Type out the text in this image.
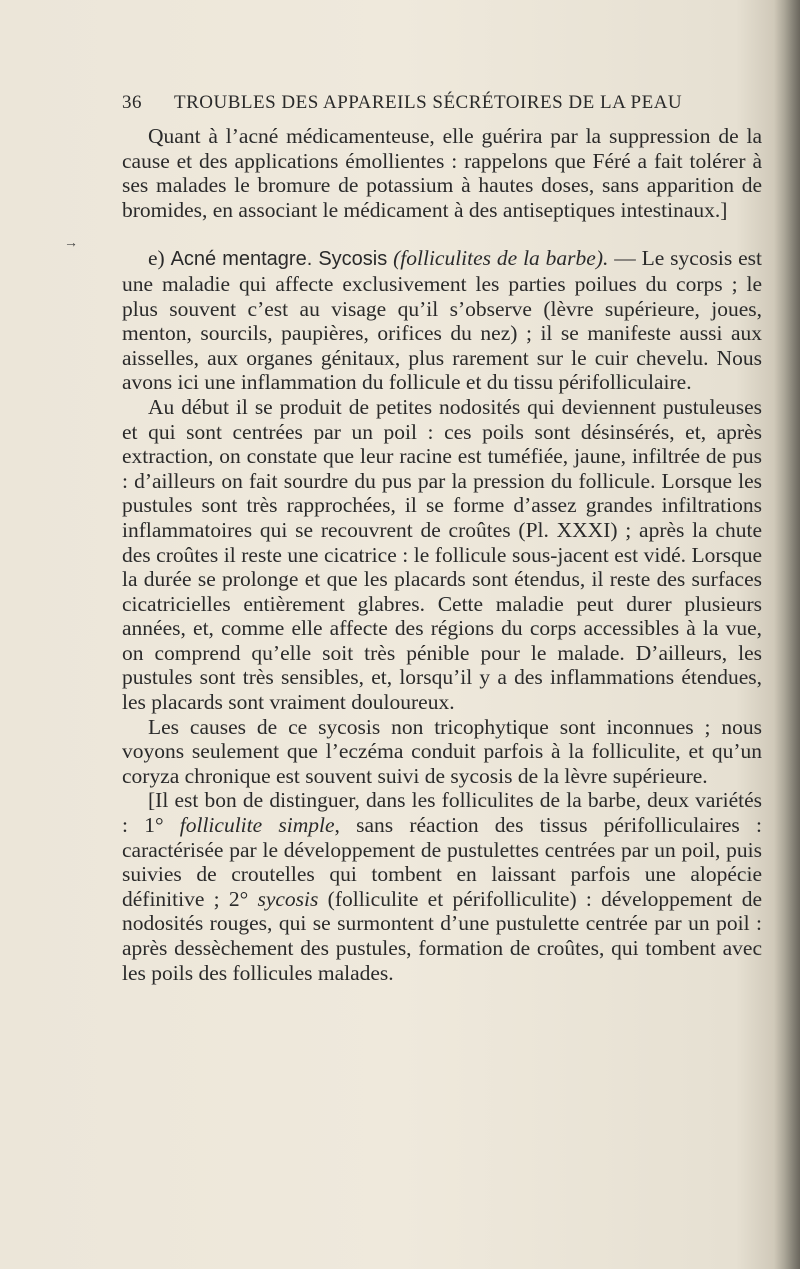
36	TROUBLES DES APPAREILS SÉCRÉTOIRES DE LA PEAU
→

Quant à l’acné médicamenteuse, elle guérira par la suppression de la cause et des applications émollientes : rappelons que Féré a fait tolérer à ses malades le bromure de potassium à hautes doses, sans apparition de bromides, en associant le médicament à des antiseptiques intestinaux.]

e) Acné mentagre. Sycosis (folliculites de la barbe). — Le sycosis est une maladie qui affecte exclusivement les parties poilues du corps ; le plus souvent c’est au visage qu’il s’observe (lèvre supérieure, joues, menton, sourcils, paupières, orifices du nez) ; il se manifeste aussi aux aisselles, aux organes génitaux, plus rarement sur le cuir chevelu. Nous avons ici une inflammation du follicule et du tissu périfolliculaire.

Au début il se produit de petites nodosités qui deviennent pustuleuses et qui sont centrées par un poil : ces poils sont désinsérés, et, après extraction, on constate que leur racine est tuméfiée, jaune, infiltrée de pus : d’ailleurs on fait sourdre du pus par la pression du follicule. Lorsque les pustules sont très rapprochées, il se forme d’assez grandes infiltrations inflammatoires qui se recouvrent de croûtes (Pl. XXXI) ; après la chute des croûtes il reste une cicatrice : le follicule sous-jacent est vidé. Lorsque la durée se prolonge et que les placards sont étendus, il reste des surfaces cicatricielles entièrement glabres. Cette maladie peut durer plusieurs années, et, comme elle affecte des régions du corps accessibles à la vue, on comprend qu’elle soit très pénible pour le malade. D’ailleurs, les pustules sont très sensibles, et, lorsqu’il y a des inflammations étendues, les placards sont vraiment douloureux.

Les causes de ce sycosis non tricophytique sont inconnues ; nous voyons seulement que l’eczéma conduit parfois à la folliculite, et qu’un coryza chronique est souvent suivi de sycosis de la lèvre supérieure.

[Il est bon de distinguer, dans les folliculites de la barbe, deux variétés : 1° folliculite simple, sans réaction des tissus périfolliculaires : caractérisée par le développement de pustulettes centrées par un poil, puis suivies de croutelles qui tombent en laissant parfois une alopécie définitive ; 2° sycosis (folliculite et périfolliculite) : développement de nodosités rouges, qui se surmontent d’une pustulette centrée par un poil : après dessèchement des pustules, formation de croûtes, qui tombent avec les poils des follicules malades.
